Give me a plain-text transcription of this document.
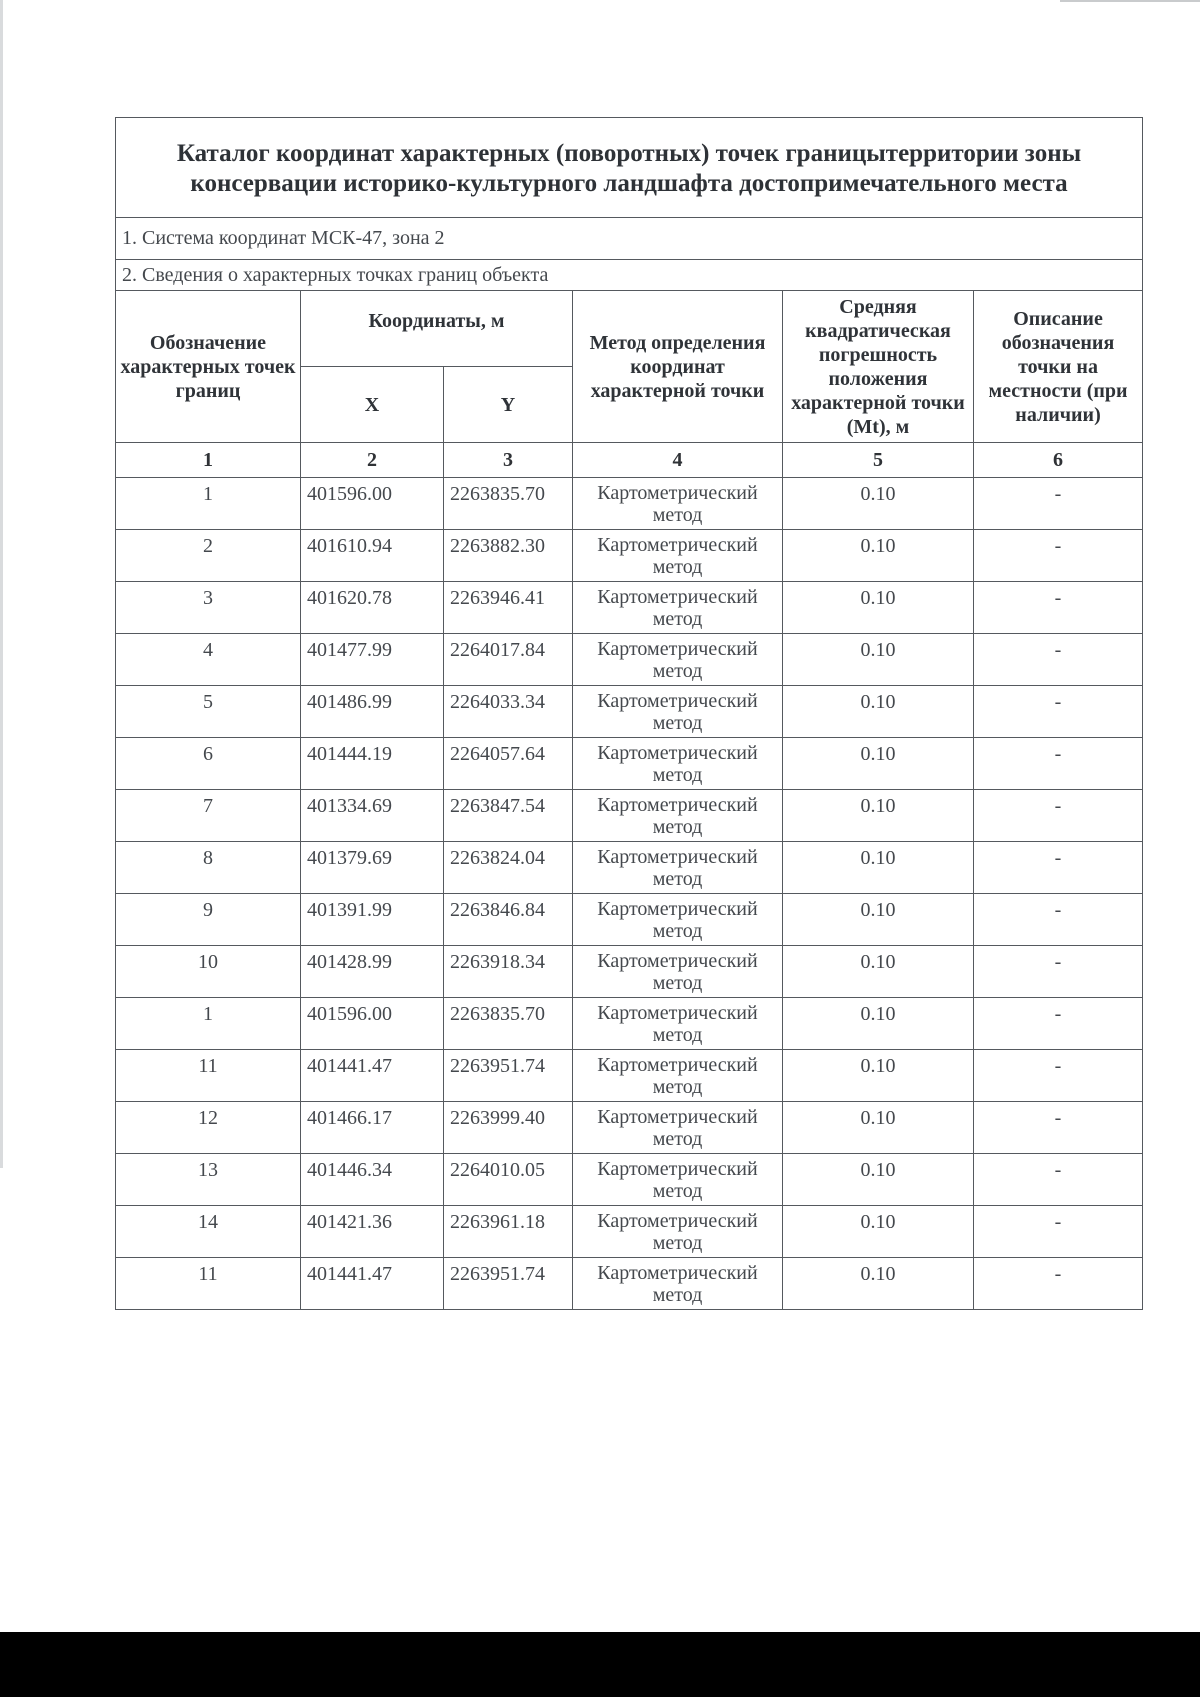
Каталог координат характерных (поворотных) точек границытерритории зоны консервации историко-культурного ландшафта достопримечательного места					
1. Система координат МСК-47, зона 2					
2. Сведения о характерных точках границ объекта					
Обозначение характерных точек границ	Координаты, м		Метод определения координат характерной точки	Средняя квадратическая погрешность положения характерной точки (Mt), м	Описание обозначения точки на местности (при наличии)
	X	Y			
1	2	3	4	5	6
1	401596.00	2263835.70	Картометрический метод	0.10	-
2	401610.94	2263882.30	Картометрический метод	0.10	-
3	401620.78	2263946.41	Картометрический метод	0.10	-
4	401477.99	2264017.84	Картометрический метод	0.10	-
5	401486.99	2264033.34	Картометрический метод	0.10	-
6	401444.19	2264057.64	Картометрический метод	0.10	-
7	401334.69	2263847.54	Картометрический метод	0.10	-
8	401379.69	2263824.04	Картометрический метод	0.10	-
9	401391.99	2263846.84	Картометрический метод	0.10	-
10	401428.99	2263918.34	Картометрический метод	0.10	-
1	401596.00	2263835.70	Картометрический метод	0.10	-
11	401441.47	2263951.74	Картометрический метод	0.10	-
12	401466.17	2263999.40	Картометрический метод	0.10	-
13	401446.34	2264010.05	Картометрический метод	0.10	-
14	401421.36	2263961.18	Картометрический метод	0.10	-
11	401441.47	2263951.74	Картометрический метод	0.10	-
